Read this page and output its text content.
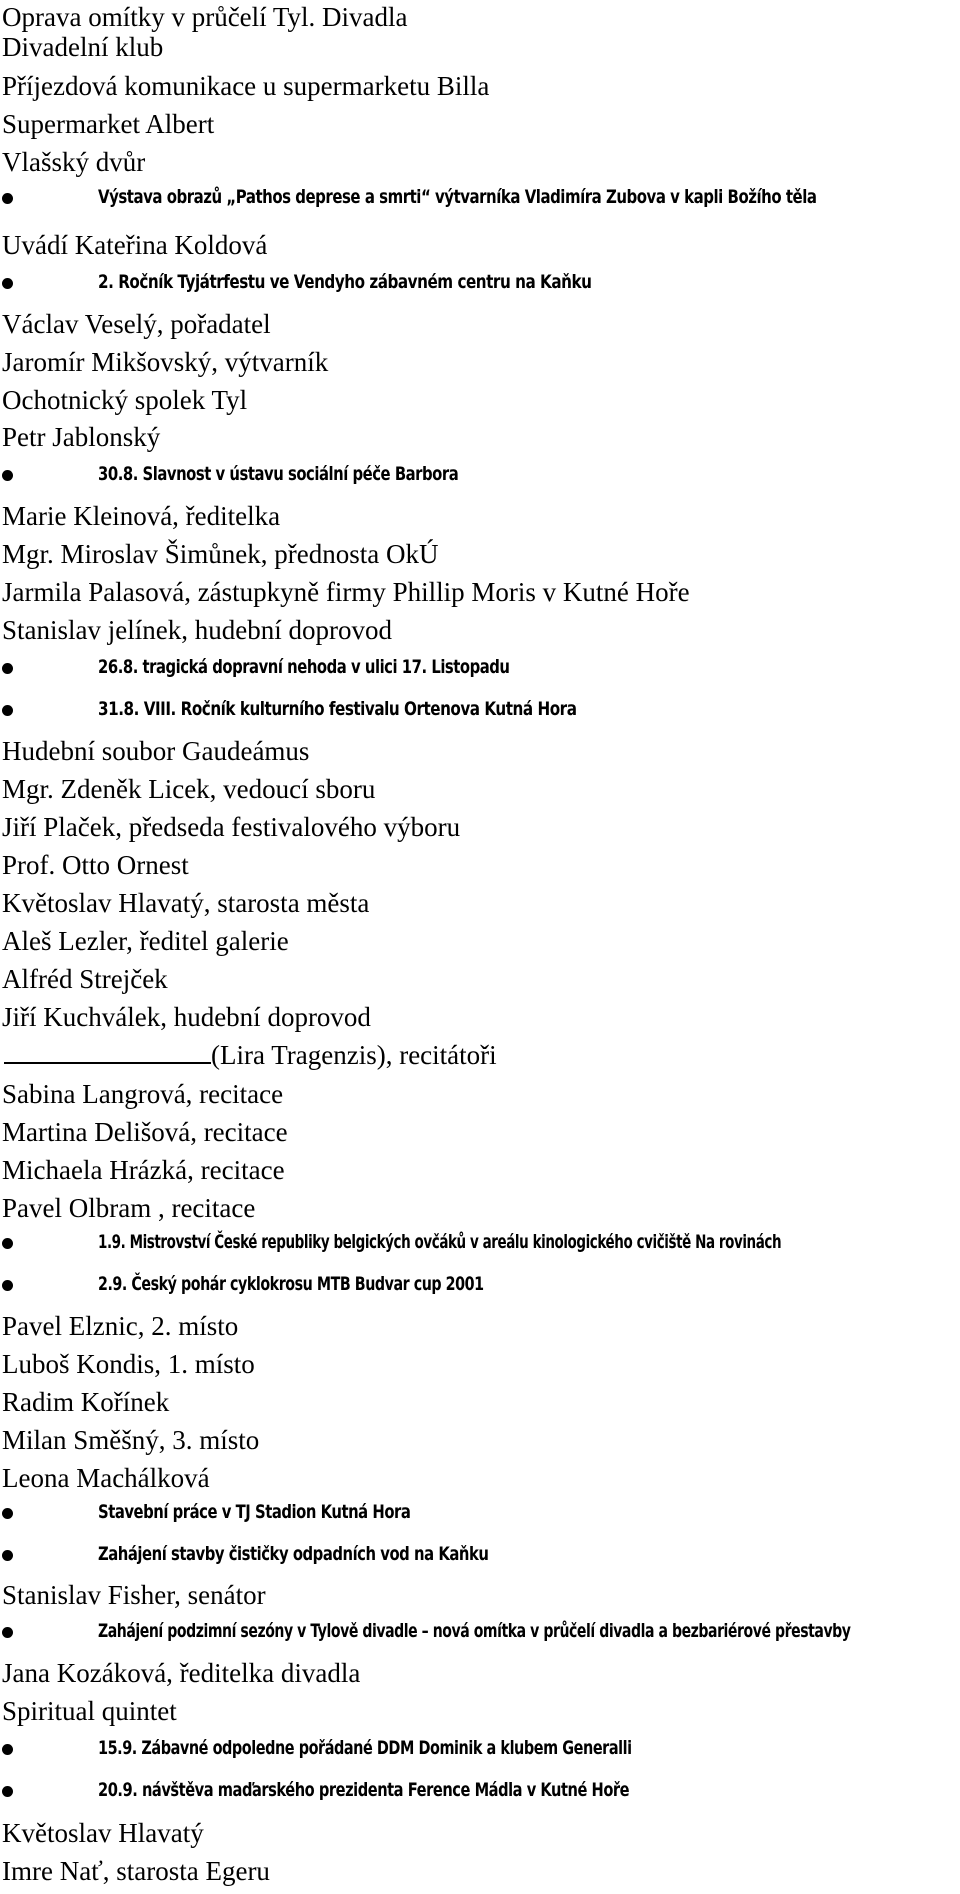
Oprava omítky v průčelí Tyl. Divadla
Divadelní klub
Příjezdová komunikace u supermarketu Billa
Supermarket Albert
Vlašský dvůr
Výstava obrazů „Pathos deprese a smrti“ výtvarníka Vladimíra Zubova v kapli Božího těla
Uvádí Kateřina Koldová
2. Ročník Tyjátrfestu ve Vendyho zábavném centru na Kaňku
Václav Veselý, pořadatel
Jaromír Mikšovský, výtvarník
Ochotnický spolek Tyl
Petr Jablonský
30.8. Slavnost v ústavu sociální péče Barbora
Marie Kleinová, ředitelka
Mgr. Miroslav Šimůnek, přednosta OkÚ
Jarmila Palasová, zástupkyně firmy Phillip Moris v Kutné Hoře
Stanislav jelínek, hudební doprovod
26.8. tragická dopravní nehoda v ulici 17. Listopadu
31.8. VIII. Ročník kulturního festivalu Ortenova Kutná Hora
Hudební soubor Gaudeámus
Mgr. Zdeněk Licek, vedoucí sboru
Jiří Plaček, předseda festivalového výboru
Prof. Otto Ornest
Květoslav Hlavatý, starosta města
Aleš Lezler, ředitel galerie
Alfréd Strejček
Jiří Kuchválek, hudební doprovod
(Lira Tragenzis), recitátoři
Sabina Langrová, recitace
Martina Delišová, recitace
Michaela Hrázká, recitace
Pavel Olbram , recitace
1.9. Mistrovství České republiky belgických ovčáků v areálu kinologického cvičiště Na rovinách
2.9. Český pohár cyklokrosu MTB Budvar cup 2001
Pavel Elznic, 2. místo
Luboš Kondis, 1. místo
Radim Kořínek
Milan Směšný, 3. místo
Leona Machálková
Stavební práce v TJ Stadion Kutná Hora
Zahájení stavby čističky odpadních vod na Kaňku
Stanislav Fisher, senátor
Zahájení podzimní sezóny v Tylově divadle – nová omítka v průčelí divadla a bezbariérové přestavby
Jana Kozáková, ředitelka divadla
Spiritual quintet
15.9. Zábavné odpoledne pořádané DDM Dominik a klubem Generalli
20.9. návštěva maďarského prezidenta Ference Mádla v Kutné Hoře
Květoslav Hlavatý
Imre Nať, starosta Egeru
